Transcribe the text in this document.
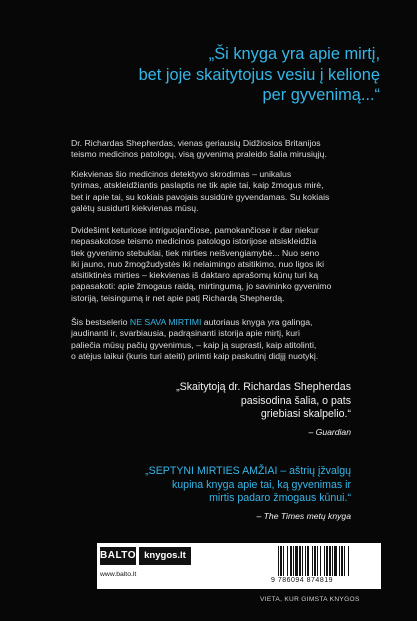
„Ši knyga yra apie mirtį,
bet joje skaitytojus vesiu į kelionę
per gyvenimą...“
Dr. Richardas Shepherdas, vienas geriausių Didžiosios Britanijos
teismo medicinos patologų, visą gyvenimą praleido šalia mirusiųjų.
Kiekvienas šio medicinos detektyvo skrodimas – unikalus
tyrimas, atskleidžiantis paslaptis ne tik apie tai, kaip žmogus mirė,
bet ir apie tai, su kokiais pavojais susidūrė gyvendamas. Su kokiais
galėtų susidurti kiekvienas mūsų.
Dvidešimt keturiose intriguojančiose, pamokančiose ir dar niekur
nepasakotose teismo medicinos patologo istorijose atsiskleidžia
tiek gyvenimo stebuklai, tiek mirties neišvengiamybė... Nuo seno
iki jauno, nuo žmogžudystės iki nelaimingo atsitikimo, nuo ligos iki
atsitiktinės mirties – kiekvienas iš daktaro aprašomų kūnų turi ką
papasakoti: apie žmogaus raidą, mirtingumą, jo savininko gyvenimo
istoriją, teisingumą ir net apie patį Richardą Shepherdą.
Šis bestselerio NE SAVA MIRTIMI autoriaus knyga yra galinga,
jaudinanti ir, svarbiausia, padrąsinanti istorija apie mirtį, kuri
paliečia mūsų pačių gyvenimus, – kaip ją suprasti, kaip atitolinti,
o atėjus laikui (kuris turi ateiti) priimti kaip paskutinį didįjį nuotykį.
„Skaitytoją dr. Richardas Shepherdas
pasisodina šalia, o pats
griebiasi skalpelio.“
– Guardian
„SEPTYNI MIRTIES AMŽIAI – aštrių įžvalgų
kupina knyga apie tai, ką gyvenimas ir
mirtis padaro žmogaus kūnui.“
– The Times metų knyga
BALTO knygos.lt
www.balto.lt
9 786094 874819
VIETA, KUR GIMSTA KNYGOS
